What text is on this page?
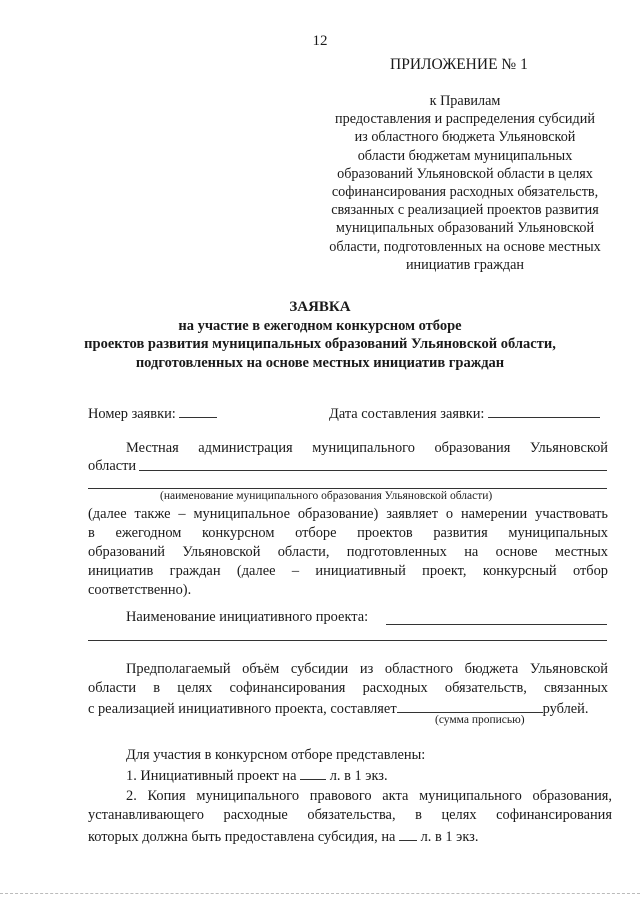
12
ПРИЛОЖЕНИЕ № 1
к Правилам
предоставления и распределения субсидий
из областного бюджета Ульяновской
области бюджетам муниципальных
образований Ульяновской области в целях
софинансирования расходных обязательств,
связанных с реализацией проектов развития
муниципальных образований Ульяновской
области, подготовленных на основе местных
инициатив граждан
ЗАЯВКА
на участие в ежегодном конкурсном отборе
проектов развития муниципальных образований Ульяновской области,
подготовленных на основе местных инициатив граждан
Номер заявки:	Дата составления заявки:
Местная администрация муниципального образования Ульяновской
области
(наименование муниципального образования Ульяновской области)
(далее также – муниципальное образование) заявляет о намерении участвовать
в ежегодном конкурсном отборе проектов развития муниципальных
образований Ульяновской области, подготовленных на основе местных
инициатив граждан (далее – инициативный проект, конкурсный отбор
соответственно).
Наименование инициативного проекта:
Предполагаемый объём субсидии из областного бюджета Ульяновской
области в целях софинансирования расходных обязательств, связанных
с реализацией инициативного проекта, составляет	рублей.
(сумма прописью)
Для участия в конкурсном отборе представлены:
1. Инициативный проект на л. в 1 экз.
2. Копия муниципального правового акта муниципального образования,
устанавливающего расходные обязательства, в целях софинансирования
которых должна быть предоставлена субсидия, на л. в 1 экз.
